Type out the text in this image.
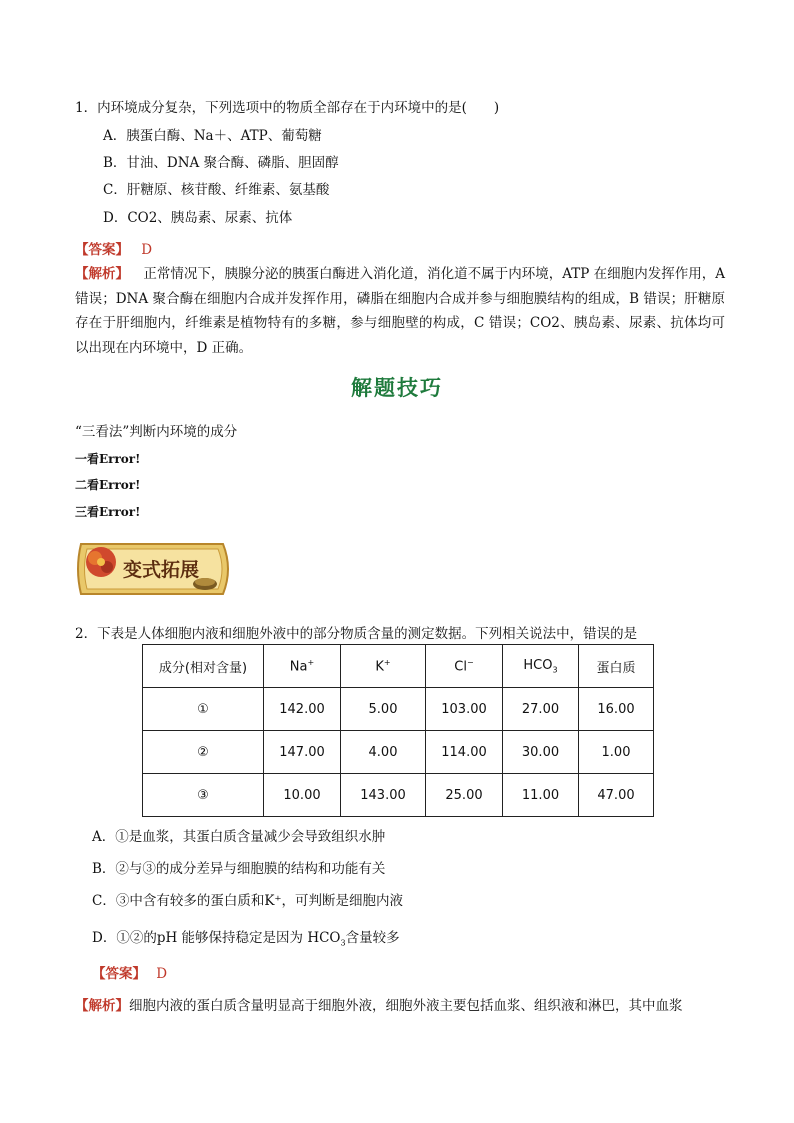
1．内环境成分复杂，下列选项中的物质全部存在于内环境中的是(　　)
A．胰蛋白酶、Na＋、ATP、葡萄糖
B．甘油、DNA 聚合酶、磷脂、胆固醇
C．肝糖原、核苷酸、纤维素、氨基酸
D．CO2、胰岛素、尿素、抗体
【答案】 D
【解析】 正常情况下，胰腺分泌的胰蛋白酶进入消化道，消化道不属于内环境，ATP 在细胞内发挥作用，A 错误；DNA 聚合酶在细胞内合成并发挥作用，磷脂在细胞内合成并参与细胞膜结构的组成，B 错误；肝糖原存在于肝细胞内，纤维素是植物特有的多糖，参与细胞壁的构成，C 错误；CO2、胰岛素、尿素、抗体均可以出现在内环境中，D 正确。
解题技巧
“三看法”判断内环境的成分
一看Error!
二看Error!
三看Error!
变式拓展
2．下表是人体细胞内液和细胞外液中的部分物质含量的测定数据。下列相关说法中，错误的是
成分(相对含量)	Na+	K+	Cl−	$HCO_3$	蛋白质
①	142.00	5.00	103.00	27.00	16.00
②	147.00	4.00	114.00	30.00	1.00
③	10.00	143.00	25.00	11.00	47.00
A．①是血浆，其蛋白质含量减少会导致组织水肿
B．②与③的成分差异与细胞膜的结构和功能有关
C．③中含有较多的蛋白质和K⁺，可判断是细胞内液
D．①②的pH 能够保持稳定是因为 $HCO_3$含量较多
【答案】 D
【解析】细胞内液的蛋白质含量明显高于细胞外液，细胞外液主要包括血浆、组织液和淋巴，其中血浆
